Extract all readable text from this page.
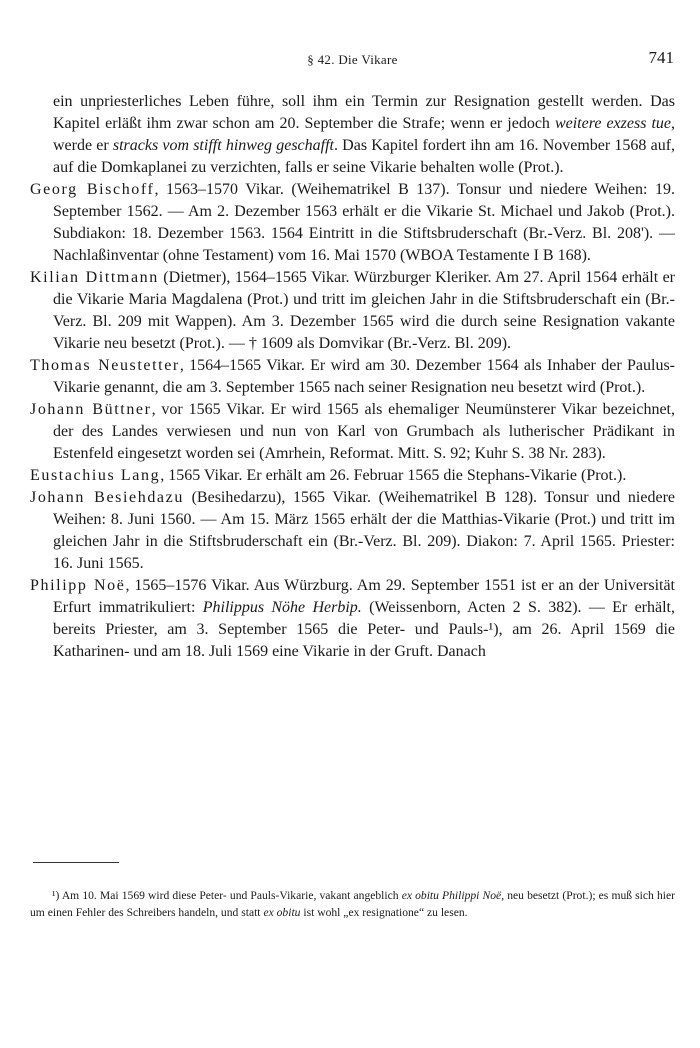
§ 42. Die Vikare	741

ein unpriesterliches Leben führe, soll ihm ein Termin zur Resignation gestellt werden. Das Kapitel erläßt ihm zwar schon am 20. September die Strafe; wenn er jedoch weitere exzess tue, werde er stracks vom stifft hinweg geschafft. Das Kapitel fordert ihn am 16. November 1568 auf, auf die Domkaplanei zu verzichten, falls er seine Vikarie behalten wolle (Prot.).

Georg Bischoff, 1563–1570 Vikar. (Weihematrikel B 137). Tonsur und niedere Weihen: 19. September 1562. — Am 2. Dezember 1563 erhält er die Vikarie St. Michael und Jakob (Prot.). Subdiakon: 18. Dezember 1563. 1564 Eintritt in die Stiftsbruderschaft (Br.-Verz. Bl. 208'). — Nachlaßinventar (ohne Testament) vom 16. Mai 1570 (WBOA Testamente I B 168).

Kilian Dittmann (Dietmer), 1564–1565 Vikar. Würzburger Kleriker. Am 27. April 1564 erhält er die Vikarie Maria Magdalena (Prot.) und tritt im gleichen Jahr in die Stiftsbruderschaft ein (Br.-Verz. Bl. 209 mit Wappen). Am 3. Dezember 1565 wird die durch seine Resignation vakante Vikarie neu besetzt (Prot.). — † 1609 als Domvikar (Br.-Verz. Bl. 209).

Thomas Neustetter, 1564–1565 Vikar. Er wird am 30. Dezember 1564 als Inhaber der Paulus-Vikarie genannt, die am 3. September 1565 nach seiner Resignation neu besetzt wird (Prot.).

Johann Büttner, vor 1565 Vikar. Er wird 1565 als ehemaliger Neumünsterer Vikar bezeichnet, der des Landes verwiesen und nun von Karl von Grumbach als lutherischer Prädikant in Estenfeld eingesetzt worden sei (Amrhein, Reformat. Mitt. S. 92; Kuhr S. 38 Nr. 283).

Eustachius Lang, 1565 Vikar. Er erhält am 26. Februar 1565 die Stephans-Vikarie (Prot.).

Johann Besiehdazu (Besihedarzu), 1565 Vikar. (Weihematrikel B 128). Tonsur und niedere Weihen: 8. Juni 1560. — Am 15. März 1565 erhält der die Matthias-Vikarie (Prot.) und tritt im gleichen Jahr in die Stiftsbruderschaft ein (Br.-Verz. Bl. 209). Diakon: 7. April 1565. Priester: 16. Juni 1565.

Philipp Noë, 1565–1576 Vikar. Aus Würzburg. Am 29. September 1551 ist er an der Universität Erfurt immatrikuliert: Philippus Nöhe Herbip. (Weissenborn, Acten 2 S. 382). — Er erhält, bereits Priester, am 3. September 1565 die Peter- und Pauls-¹), am 26. April 1569 die Katharinen- und am 18. Juli 1569 eine Vikarie in der Gruft. Danach

¹) Am 10. Mai 1569 wird diese Peter- und Pauls-Vikarie, vakant angeblich ex obitu Philippi Noë, neu besetzt (Prot.); es muß sich hier um einen Fehler des Schreibers handeln, und statt ex obitu ist wohl „ex resignatione“ zu lesen.
